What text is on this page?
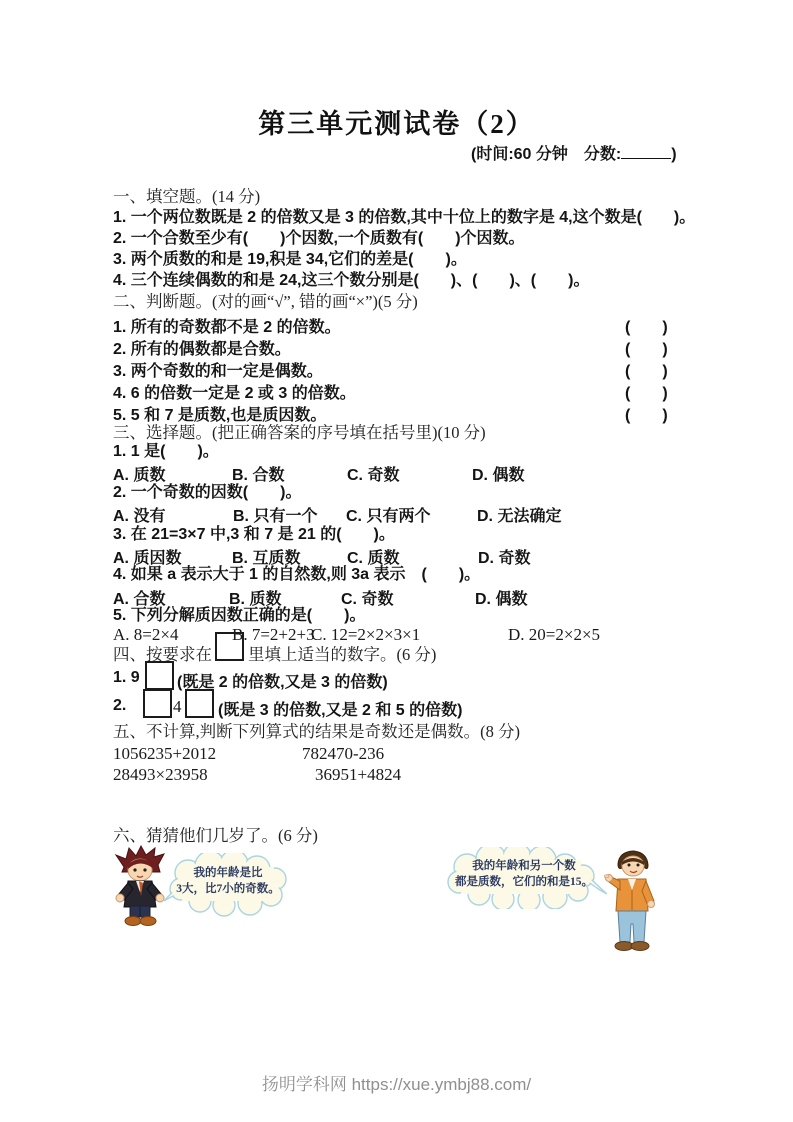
第三单元测试卷（2）
(时间:60 分钟　分数:	)
一、填空题。(14 分)
1. 一个两位数既是 2 的倍数又是 3 的倍数,其中十位上的数字是 4,这个数是(　　)。
2. 一个合数至少有(　　)个因数,一个质数有(　　)个因数。
3. 两个质数的和是 19,积是 34,它们的差是(　　)。
4. 三个连续偶数的和是 24,这三个数分别是(　　)、(　　)、(　　)。
二、判断题。(对的画“√”, 错的画“×”)(5 分)
1. 所有的奇数都不是 2 的倍数。	(　　)
2. 所有的偶数都是合数。	(　　)
3. 两个奇数的和一定是偶数。	(　　)
4. 6 的倍数一定是 2 或 3 的倍数。	(　　)
5. 5 和 7 是质数,也是质因数。	(　　)
三、选择题。(把正确答案的序号填在括号里)(10 分)
1. 1 是(　　)。
A. 质数	B. 合数	C. 奇数	D. 偶数
2. 一个奇数的因数(　　)。
A. 没有	B. 只有一个 C. 只有两个	D. 无法确定
3. 在 21=3×7 中,3 和 7 是 21 的(　　)。
A. 质因数	B. 互质数	C. 质数	D. 奇数
4. 如果 a 表示大于 1 的自然数,则 3a 表示　(　　)。
A. 合数	B. 质数	C. 奇数	D. 偶数
5. 下列分解质因数正确的是(　　)。
A. 8=2×4	B. 7=2+2+3
C. 12=2×2×3×1	D. 20=2×2×5
四、按要求在 里填上适当的数字。(6 分)
1. 9 (既是 2 的倍数,又是 3 的倍数)
2.	4 (既是 3 的倍数,又是 2 和 5 的倍数)
五、不计算,判断下列算式的结果是奇数还是偶数。(8 分)
1056235+2012	782470-236
28493×23958	36951+4824
六、猜猜他们几岁了。(6 分)
我的年龄是比
3大，比7小的奇数。
我的年龄和另一个数
都是质数，它们的和是15。
扬明学科网 https://xue.ymbj88.com/
